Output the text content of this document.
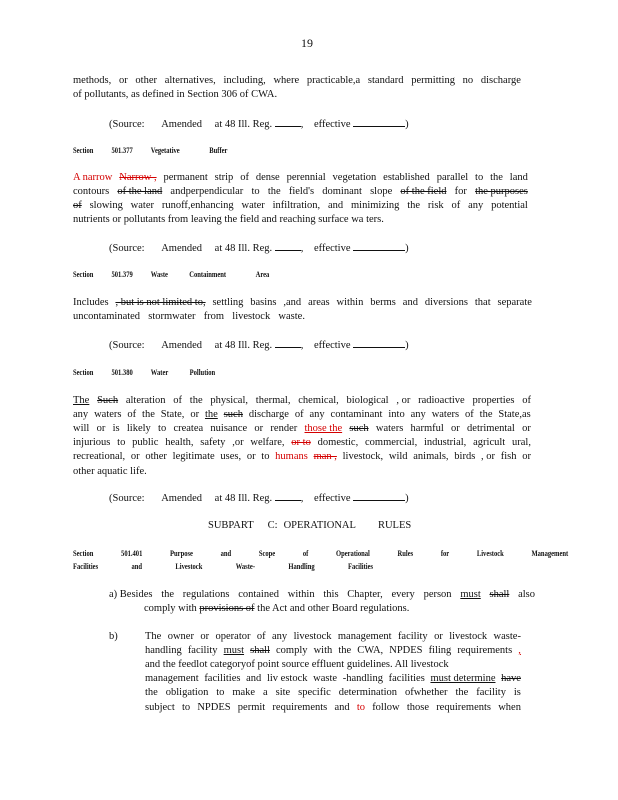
19
methods, or other alternatives, including, where practicable,a standard permitting no discharge
of pollutants, as defined in Section 306 of CWA.
(Source: Amended at 48 Ill. Reg.	, effective	)
Section 501.377 Vegetative	Buffer
A narrow Narrow , permanent strip of dense perennial vegetation established parallel to the land
contours of the land andperpendicular to the field's dominant slope of the field for the purposes
of slowing water runoff,enhancing water infiltration, and minimizing the risk of any potential
nutrients or pollutants from leaving the field and reaching surface wa ters.
(Source: Amended at 48 Ill. Reg.	, effective	)
Section 501.379 Waste	Containment	Area
Includes , but is not limited to, settling basins ,and areas within berms and diversions that separate
uncontaminated stormwater from livestock waste.
(Source: Amended at 48 Ill. Reg.	, effective	)
Section 501.380 Water	Pollution
The Such alteration of the physical, thermal, chemical, biological , or radioactive properties of
any waters of the State, or the such discharge of any contaminant into any waters of the State,as
will or is likely to createa nuisance or render those the such waters harmful or detrimental or
injurious to public health, safety ,or welfare, or to domestic, commercial, industrial, agricult ural,
recreational, or other legitimate uses, or to humans man , livestock, wild animals, birds , or fish or
other aquatic life.
(Source: Amended at 48 Ill. Reg.	, effective	)
SUBPART C: OPERATIONAL RULES
Section	501.401	Purpose	and	Scope	of	Operational	Rules	for	Livestock	Management
Facilities	and	Livestock	Waste-	Handling	Facilities
a) Besides the regulations contained within this Chapter, every person must shall also
comply with provisions of the Act and other Board regulations.
b)	The owner or operator of any livestock management facility or livestock waste-
handling facility must shall comply with the CWA, NPDES filing requirements ,
and the feedlot categoryof point source effluent guidelines. All livestock
management facilities and liv estock waste -handling facilities must determine have
the obligation to make a site specific determination ofwhether the facility is
subject to NPDES permit requirements and to follow those requirements when
